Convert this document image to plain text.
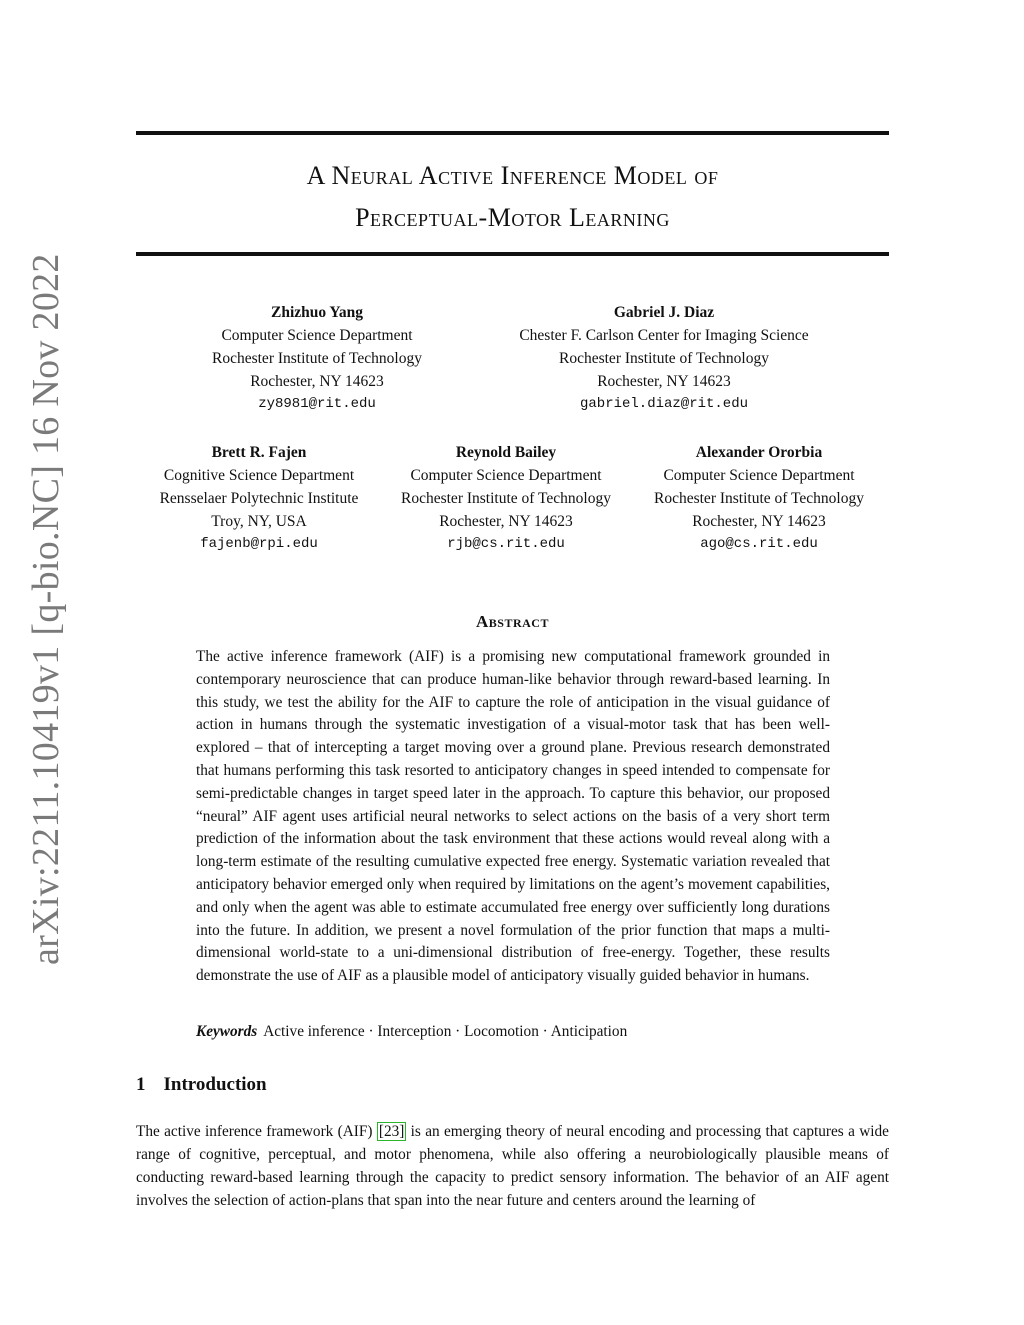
arXiv:2211.10419v1 [q-bio.NC] 16 Nov 2022
A Neural Active Inference Model of
Perceptual-Motor Learning
Zhizhuo Yang
Computer Science Department
Rochester Institute of Technology
Rochester, NY 14623
zy8981@rit.edu
Gabriel J. Diaz
Chester F. Carlson Center for Imaging Science
Rochester Institute of Technology
Rochester, NY 14623
gabriel.diaz@rit.edu
Brett R. Fajen
Cognitive Science Department
Rensselaer Polytechnic Institute
Troy, NY, USA
fajenb@rpi.edu
Reynold Bailey
Computer Science Department
Rochester Institute of Technology
Rochester, NY 14623
rjb@cs.rit.edu
Alexander Ororbia
Computer Science Department
Rochester Institute of Technology
Rochester, NY 14623
ago@cs.rit.edu
Abstract
The active inference framework (AIF) is a promising new computational framework grounded in contemporary neuroscience that can produce human-like behavior through reward-based learning. In this study, we test the ability for the AIF to capture the role of anticipation in the visual guidance of action in humans through the systematic investigation of a visual-motor task that has been well-explored – that of intercepting a target moving over a ground plane. Previous research demonstrated that humans performing this task resorted to anticipatory changes in speed intended to compensate for semi-predictable changes in target speed later in the approach. To capture this behavior, our proposed “neural” AIF agent uses artificial neural networks to select actions on the basis of a very short term prediction of the information about the task environment that these actions would reveal along with a long-term estimate of the resulting cumulative expected free energy. Systematic variation revealed that anticipatory behavior emerged only when required by limitations on the agent’s movement capabilities, and only when the agent was able to estimate accumulated free energy over sufficiently long durations into the future. In addition, we present a novel formulation of the prior function that maps a multi-dimensional world-state to a uni-dimensional distribution of free-energy. Together, these results demonstrate the use of AIF as a plausible model of anticipatory visually guided behavior in humans.
Keywords Active inference · Interception · Locomotion · Anticipation
1 Introduction
The active inference framework (AIF) [23] is an emerging theory of neural encoding and processing that captures a wide range of cognitive, perceptual, and motor phenomena, while also offering a neurobiologically plausible means of conducting reward-based learning through the capacity to predict sensory information. The behavior of an AIF agent involves the selection of action-plans that span into the near future and centers around the learning of
